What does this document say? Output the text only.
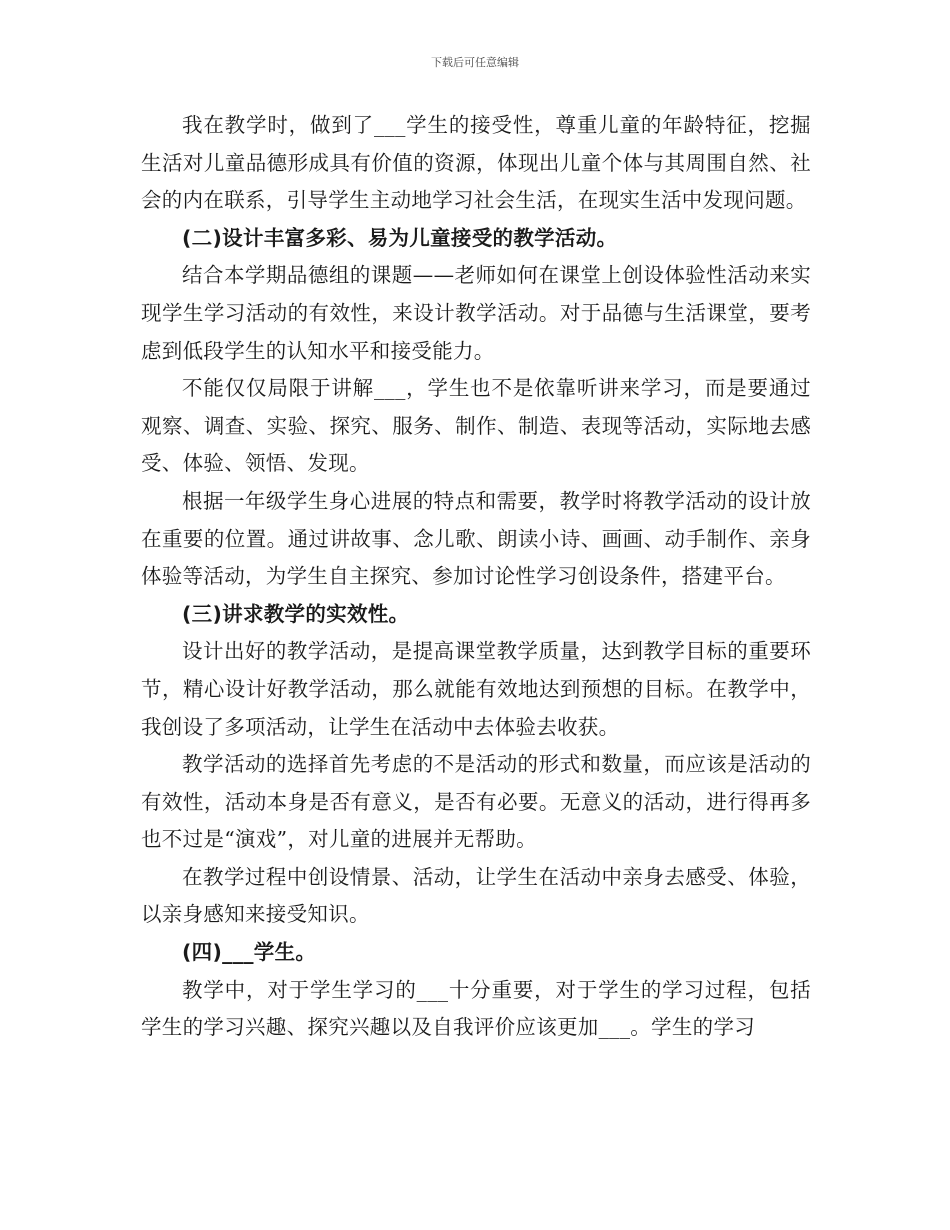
下载后可任意编辑

我在教学时，做到了___学生的接受性，尊重儿童的年龄特征，挖掘生活对儿童品德形成具有价值的资源，体现出儿童个体与其周围自然、社会的内在联系，引导学生主动地学习社会生活，在现实生活中发现问题。

(二)设计丰富多彩、易为儿童接受的教学活动。

结合本学期品德组的课题——老师如何在课堂上创设体验性活动来实现学生学习活动的有效性，来设计教学活动。对于品德与生活课堂，要考虑到低段学生的认知水平和接受能力。

不能仅仅局限于讲解___，学生也不是依靠听讲来学习，而是要通过观察、调查、实验、探究、服务、制作、制造、表现等活动，实际地去感受、体验、领悟、发现。

根据一年级学生身心进展的特点和需要，教学时将教学活动的设计放在重要的位置。通过讲故事、念儿歌、朗读小诗、画画、动手制作、亲身体验等活动，为学生自主探究、参加讨论性学习创设条件，搭建平台。

(三)讲求教学的实效性。

设计出好的教学活动，是提高课堂教学质量，达到教学目标的重要环节，精心设计好教学活动，那么就能有效地达到预想的目标。在教学中，我创设了多项活动，让学生在活动中去体验去收获。

教学活动的选择首先考虑的不是活动的形式和数量，而应该是活动的有效性，活动本身是否有意义，是否有必要。无意义的活动，进行得再多也不过是“演戏”，对儿童的进展并无帮助。

在教学过程中创设情景、活动，让学生在活动中亲身去感受、体验，以亲身感知来接受知识。

(四)___学生。

教学中，对于学生学习的___十分重要，对于学生的学习过程，包括学生的学习兴趣、探究兴趣以及自我评价应该更加___。学生的学习
